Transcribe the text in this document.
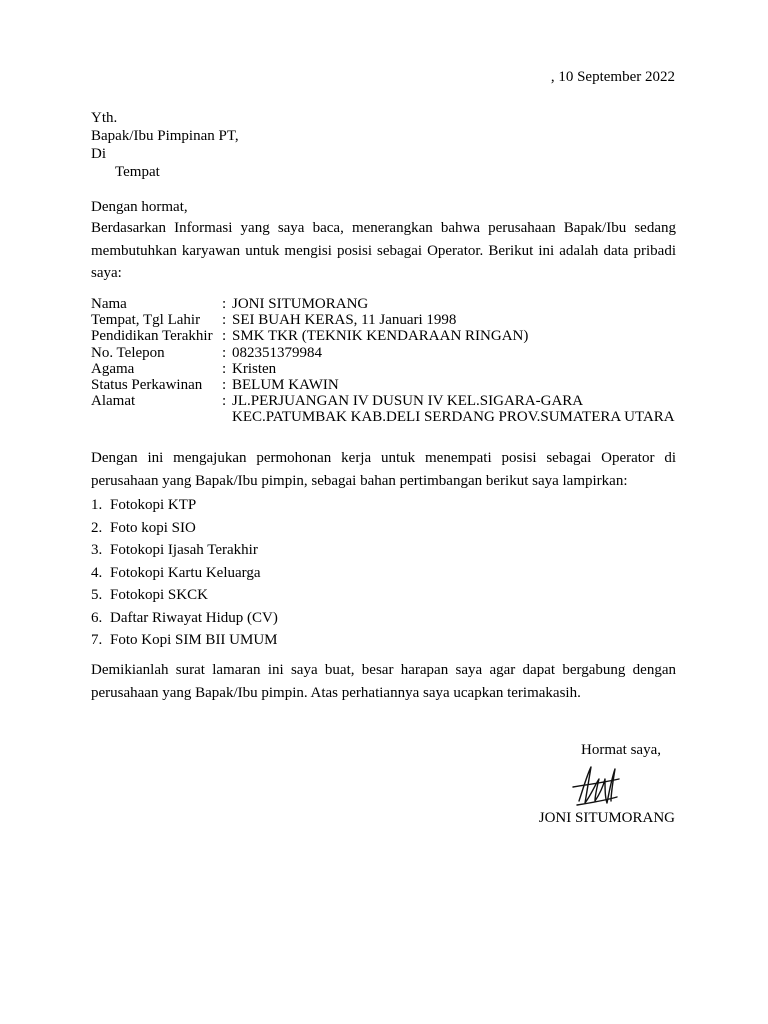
, 10 September 2022
Yth.
Bapak/Ibu Pimpinan PT,
Di
Tempat
Dengan hormat,
Berdasarkan Informasi yang saya baca, menerangkan bahwa perusahaan Bapak/Ibu sedang membutuhkan karyawan untuk mengisi posisi sebagai Operator. Berikut ini adalah data pribadi saya:
Nama	: JONI SITUMORANG
Tempat, Tgl Lahir	: SEI BUAH KERAS, 11 Januari 1998
Pendidikan Terakhir : SMK TKR (TEKNIK KENDARAAN RINGAN)
No. Telepon	: 082351379984
Agama	: Kristen
Status Perkawinan	: BELUM KAWIN
Alamat	: JL.PERJUANGAN IV DUSUN IV KEL.SIGARA-GARA KEC.PATUMBAK KAB.DELI SERDANG PROV.SUMATERA UTARA
Dengan ini mengajukan permohonan kerja untuk menempati posisi sebagai Operator di perusahaan yang Bapak/Ibu pimpin, sebagai bahan pertimbangan berikut saya lampirkan:
1. Fotokopi KTP
2. Foto kopi SIO
3. Fotokopi Ijasah Terakhir
4. Fotokopi Kartu Keluarga
5. Fotokopi SKCK
6. Daftar Riwayat Hidup (CV)
7. Foto Kopi SIM BII UMUM
Demikianlah surat lamaran ini saya buat, besar harapan saya agar dapat bergabung dengan perusahaan yang Bapak/Ibu pimpin. Atas perhatiannya saya ucapkan terimakasih.
Hormat saya,
JONI SITUMORANG
